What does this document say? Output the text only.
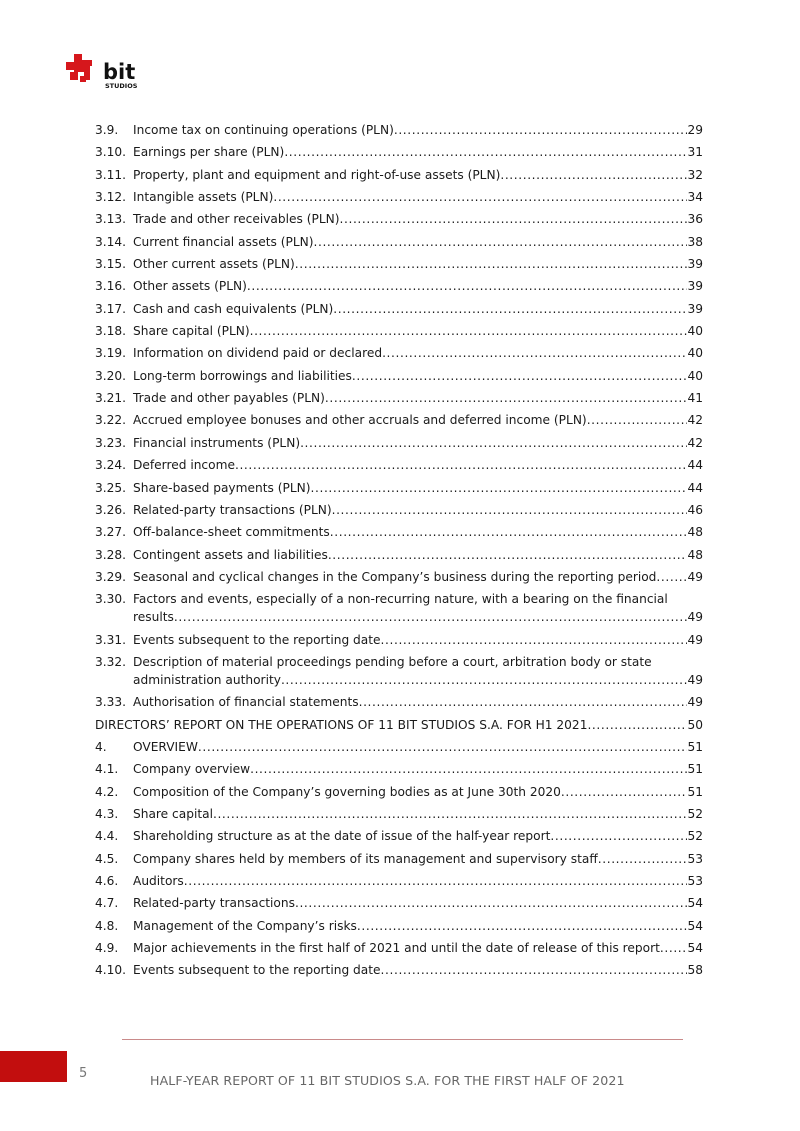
bit
STUDIOS
3.9.	Income tax on continuing operations (PLN) .....	29
3.10. Earnings per share (PLN) .....	31
3.11. Property, plant and equipment and right-of-use assets (PLN) .....	32
3.12. Intangible assets (PLN) .....	34
3.13. Trade and other receivables (PLN) .....	36
3.14. Current financial assets (PLN) .....	38
3.15. Other current assets (PLN) .....	39
3.16. Other assets (PLN) .....	39
3.17. Cash and cash equivalents (PLN) .....	39
3.18. Share capital (PLN) .....	40
3.19. Information on dividend paid or declared .....	40
3.20. Long-term borrowings and liabilities .....	40
3.21. Trade and other payables (PLN) .....	41
3.22. Accrued employee bonuses and other accruals and deferred income (PLN) .....	42
3.23. Financial instruments (PLN) .....	42
3.24. Deferred income .....	44
3.25. Share-based payments (PLN) .....	44
3.26. Related-party transactions (PLN) .....	46
3.27. Off-balance-sheet commitments .....	48
3.28. Contingent assets and liabilities .....	48
3.29. Seasonal and cyclical changes in the Company’s business during the reporting period .....	49
3.30. Factors and events, especially of a non-recurring nature, with a bearing on the financial
results .....	49
3.31. Events subsequent to the reporting date .....	49
3.32. Description of material proceedings pending before a court, arbitration body or state
administration authority .....	49
3.33. Authorisation of financial statements .....	49
DIRECTORS’ REPORT ON THE OPERATIONS OF 11 BIT STUDIOS S.A. FOR H1 2021 .....	50
4.	OVERVIEW .....	51
4.1.	Company overview .....	51
4.2.	Composition of the Company’s governing bodies as at June 30th 2020 .....	51
4.3.	Share capital .....	52
4.4.	Shareholding structure as at the date of issue of the half-year report .....	52
4.5.	Company shares held by members of its management and supervisory staff .....	53
4.6.	Auditors .....	53
4.7.	Related-party transactions .....	54
4.8.	Management of the Company’s risks .....	54
4.9.	Major achievements in the first half of 2021 and until the date of release of this report ..... 54
4.10. Events subsequent to the reporting date .....	58
5	HALF-YEAR REPORT OF 11 BIT STUDIOS S.A. FOR THE FIRST HALF OF 2021
